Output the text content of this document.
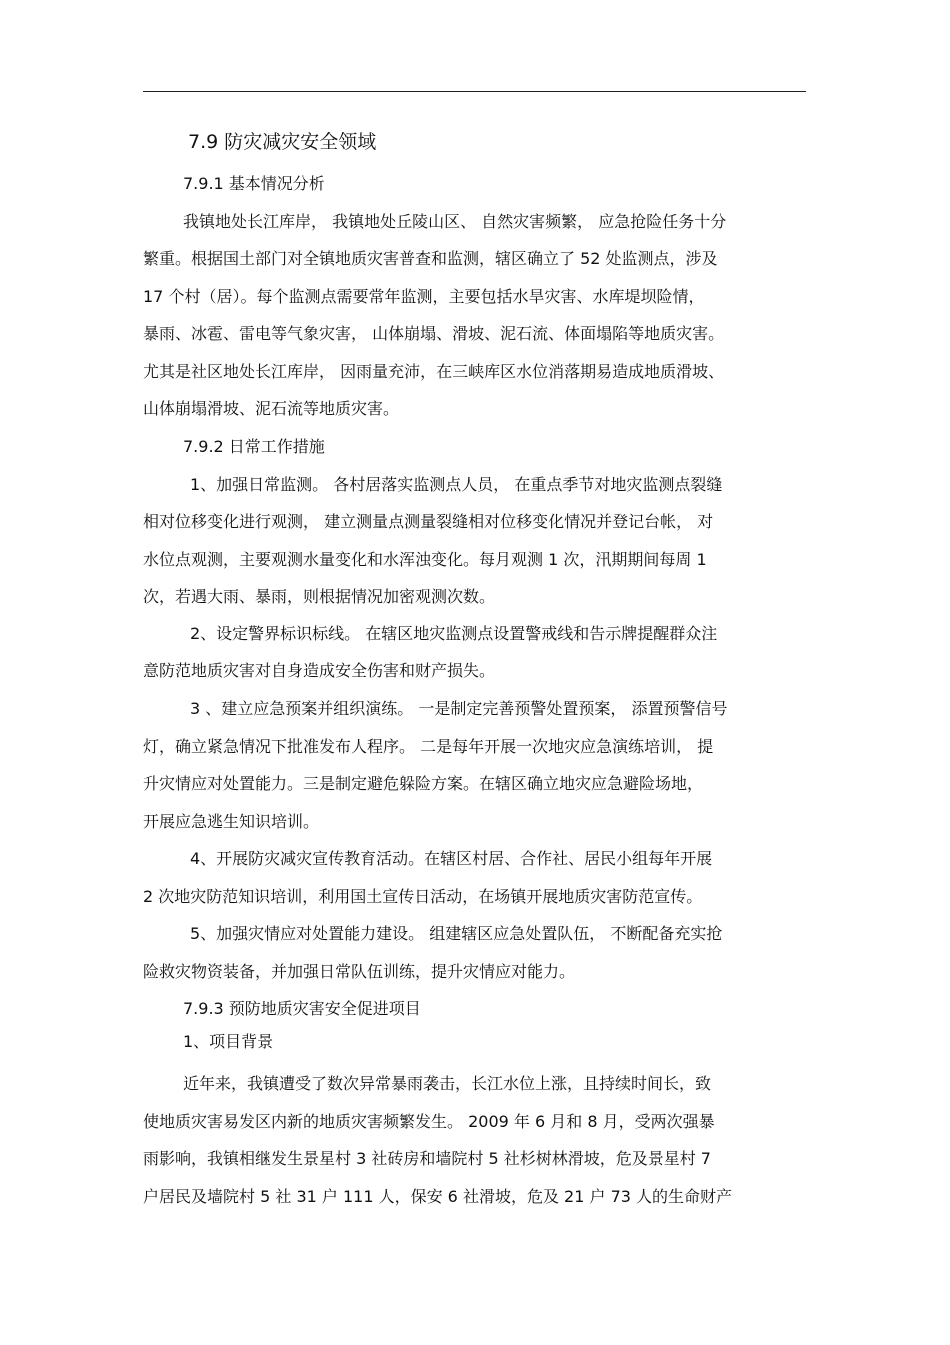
7.9 防灾减灾安全领域
7.9.1 基本情况分析
我镇地处长江库岸， 我镇地处丘陵山区、 自然灾害频繁， 应急抢险任务十分
繁重。根据国土部门对全镇地质灾害普查和监测，辖区确立了 52 处监测点，涉及
17 个村（居）。每个监测点需要常年监测，主要包括水旱灾害、水库堤坝险情，
暴雨、冰雹、雷电等气象灾害， 山体崩塌、滑坡、泥石流、体面塌陷等地质灾害。
尤其是社区地处长江库岸， 因雨量充沛，在三峡库区水位消落期易造成地质滑坡、
山体崩塌滑坡、泥石流等地质灾害。
7.9.2 日常工作措施
1、加强日常监测。 各村居落实监测点人员， 在重点季节对地灾监测点裂缝
相对位移变化进行观测， 建立测量点测量裂缝相对位移变化情况并登记台帐， 对
水位点观测，主要观测水量变化和水浑浊变化。每月观测 1 次，汛期期间每周 1
次，若遇大雨、暴雨，则根据情况加密观测次数。
2、设定警界标识标线。 在辖区地灾监测点设置警戒线和告示牌提醒群众注
意防范地质灾害对自身造成安全伤害和财产损失。
3 、建立应急预案并组织演练。 一是制定完善预警处置预案， 添置预警信号
灯，确立紧急情况下批准发布人程序。 二是每年开展一次地灾应急演练培训， 提
升灾情应对处置能力。三是制定避危躲险方案。在辖区确立地灾应急避险场地，
开展应急逃生知识培训。
4、开展防灾减灾宣传教育活动。在辖区村居、合作社、居民小组每年开展
2 次地灾防范知识培训，利用国土宣传日活动，在场镇开展地质灾害防范宣传。
5、加强灾情应对处置能力建设。 组建辖区应急处置队伍， 不断配备充实抢
险救灾物资装备，并加强日常队伍训练，提升灾情应对能力。
7.9.3 预防地质灾害安全促进项目
1、项目背景
近年来，我镇遭受了数次异常暴雨袭击，长江水位上涨，且持续时间长，致
使地质灾害易发区内新的地质灾害频繁发生。 2009 年 6 月和 8 月，受两次强暴
雨影响，我镇相继发生景星村 3 社砖房和墙院村 5 社杉树林滑坡，危及景星村 7
户居民及墙院村 5 社 31 户 111 人，保安 6 社滑坡，危及 21 户 73 人的生命财产
